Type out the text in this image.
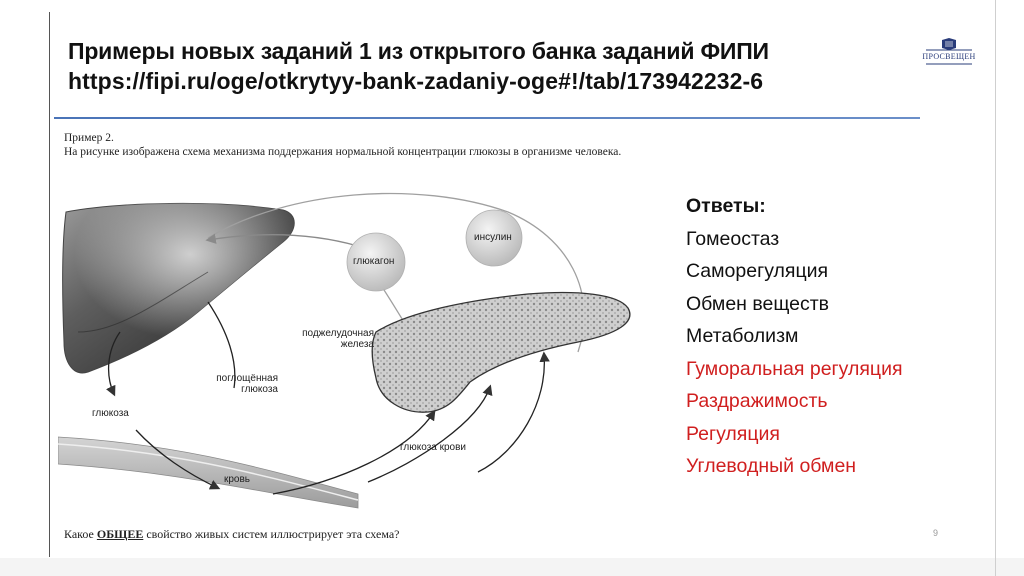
Примеры новых заданий 1 из открытого банка заданий ФИПИ
https://fipi.ru/oge/otkrytyy-bank-zadaniy-oge#!/tab/173942232-6
ПРОСВЕЩЕН
Пример 2.
На рисунке изображена схема механизма поддержания нормальной концентрации глюкозы в организме человека.
глюкагон
инсулин
поджелудочная
железа
поглощённая
глюкоза
глюкоза
глюкоза крови
кровь
Ответы:
Гомеостаз
Саморегуляция
Обмен веществ
Метаболизм
Гуморальная регуляция
Раздражимость
Регуляция
Углеводный обмен
Какое ОБЩЕЕ свойство живых систем иллюстрирует эта схема?	9
